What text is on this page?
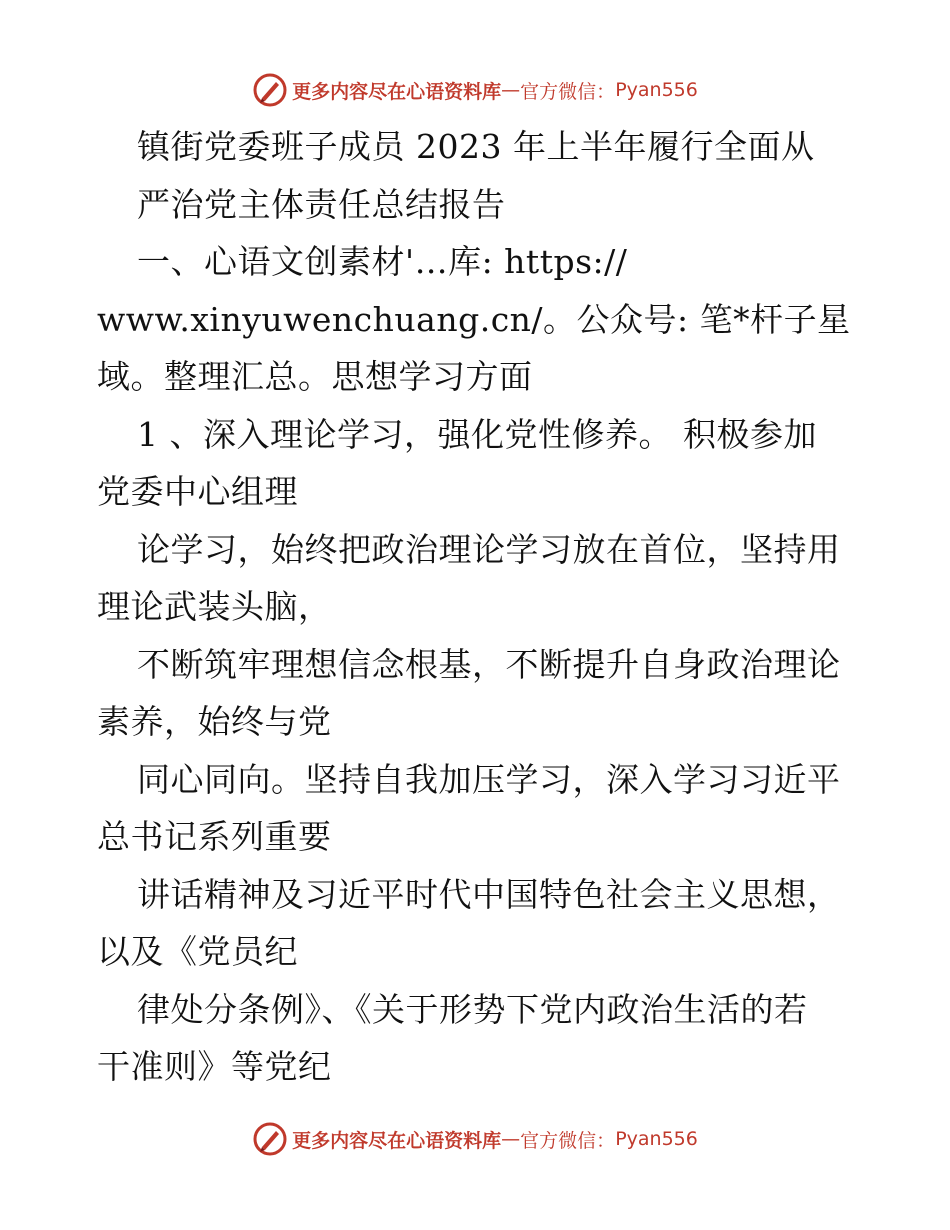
更多内容尽在心语资料库 — 官方微信： Pyan556
镇街党委班子成员 2023 年上半年履行全面从
严治党主体责任总结报告
一、心语文创素材'…库: https://
www.xinyuwenchuang.cn/。公众号: 笔*杆子星
域。整理汇总。思想学习方面
1 、深入理论学习，强化党性修养。 积极参加
党委中心组理
论学习，始终把政治理论学习放在首位，坚持用
理论武装头脑，
不断筑牢理想信念根基，不断提升自身政治理论
素养，始终与党
同心同向。坚持自我加压学习，深入学习习近平
总书记系列重要
讲话精神及习近平时代中国特色社会主义思想，
以及《党员纪
律处分条例》、《关于形势下党内政治生活的若
干准则》等党纪
更多内容尽在心语资料库 — 官方微信： Pyan556
